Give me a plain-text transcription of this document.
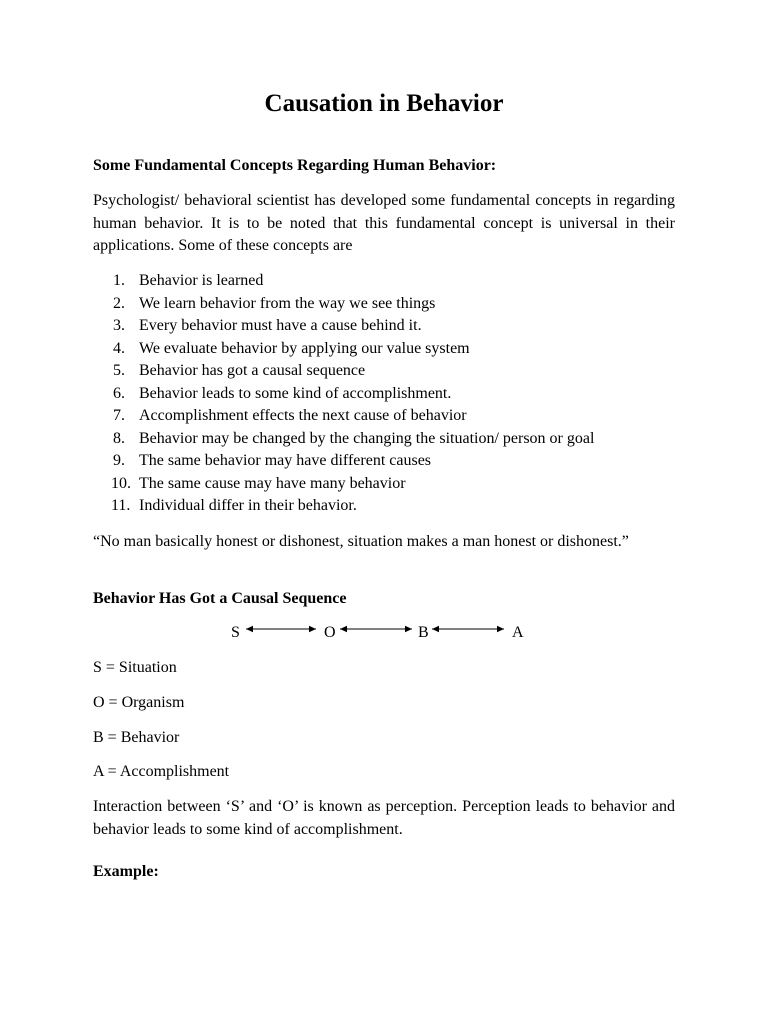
Causation in Behavior

Some Fundamental Concepts Regarding Human Behavior:

Psychologist/ behavioral scientist has developed some fundamental concepts in regarding human behavior. It is to be noted that this fundamental concept is universal in their applications. Some of these concepts are

1. Behavior is learned
2. We learn behavior from the way we see things
3. Every behavior must have a cause behind it.
4. We evaluate behavior by applying our value system
5. Behavior has got a causal sequence
6. Behavior leads to some kind of accomplishment.
7. Accomplishment effects the next cause of behavior
8. Behavior may be changed by the changing the situation/ person or goal
9. The same behavior may have different causes
10. The same cause may have many behavior
11. Individual differ in their behavior.

“No man basically honest or dishonest, situation makes a man honest or dishonest.”

Behavior Has Got a Causal Sequence

S	O	B	A

S = Situation

O = Organism

B = Behavior

A = Accomplishment

Interaction between ‘S’ and ‘O’ is known as perception. Perception leads to behavior and behavior leads to some kind of accomplishment.

Example:
